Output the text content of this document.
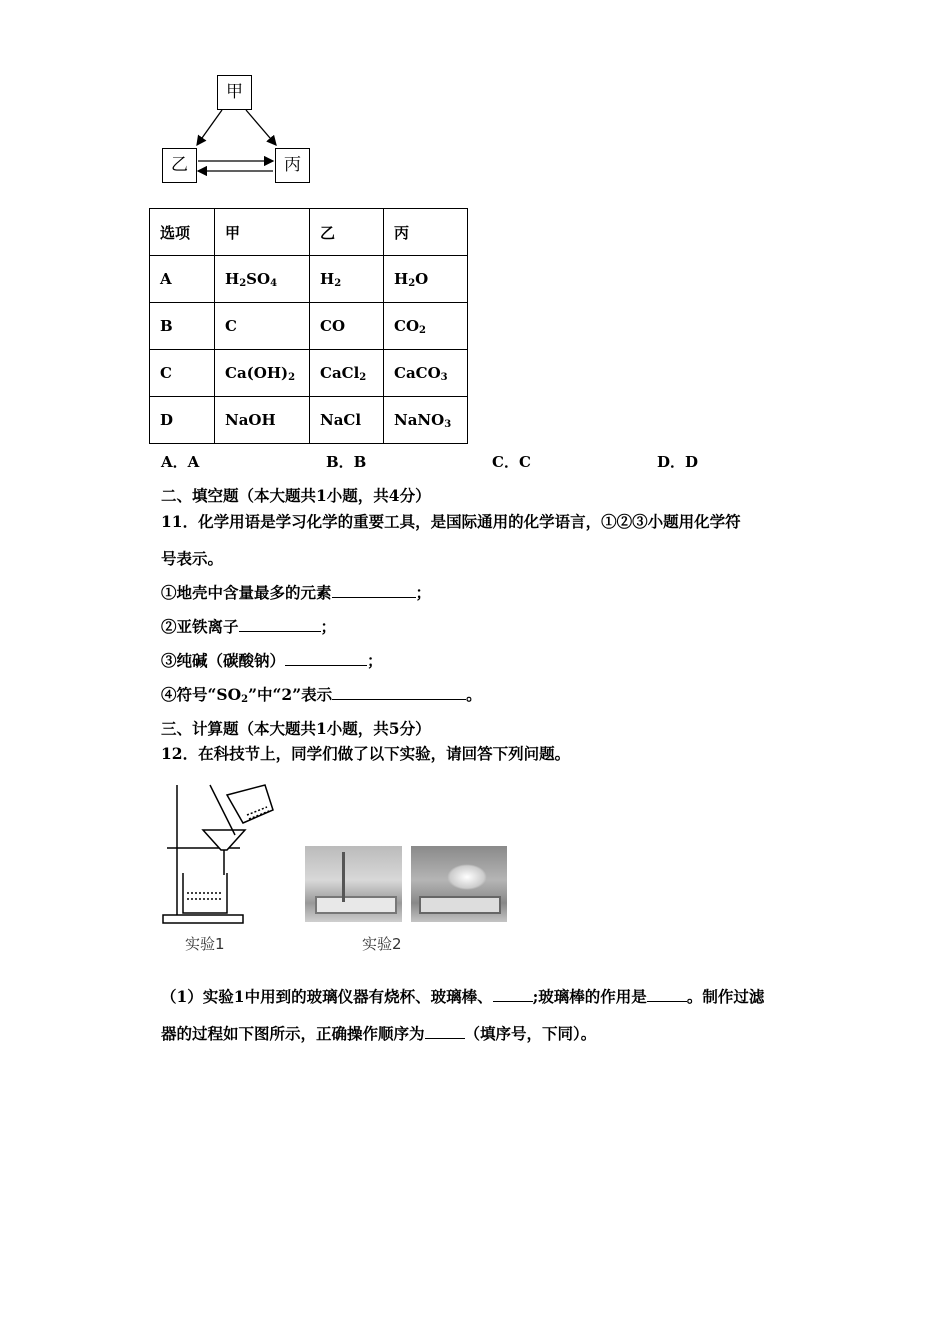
甲
乙	丙
选项	甲	乙	丙
A	$H_2SO_4$	$H_2$	$H_2O$
B	C	CO	$CO_2$
C	$Ca(OH)_2$	CaCl$_2$	CaCO$_3$
D	NaOH	NaCl	NaNO$_3$
A．A	B．B	C．C	D．D
二、填空题（本大题共1小题，共4分）
11．化学用语是学习化学的重要工具，是国际通用的化学语言，①②③小题用化学符
号表示。
①地壳中含量最多的元素	；
②亚铁离子	；
③纯碱（碳酸钠）	；
④符号“$SO_2$”中“2”表示	。
三、计算题（本大题共1小题，共5分）
12．在科技节上，同学们做了以下实验，请回答下列问题。
实验1	实验2
（1）实验1中用到的玻璃仪器有烧杯、玻璃棒、	;玻璃棒的作用是	。制作过滤
器的过程如下图所示，正确操作顺序为	（填序号，下同）。
